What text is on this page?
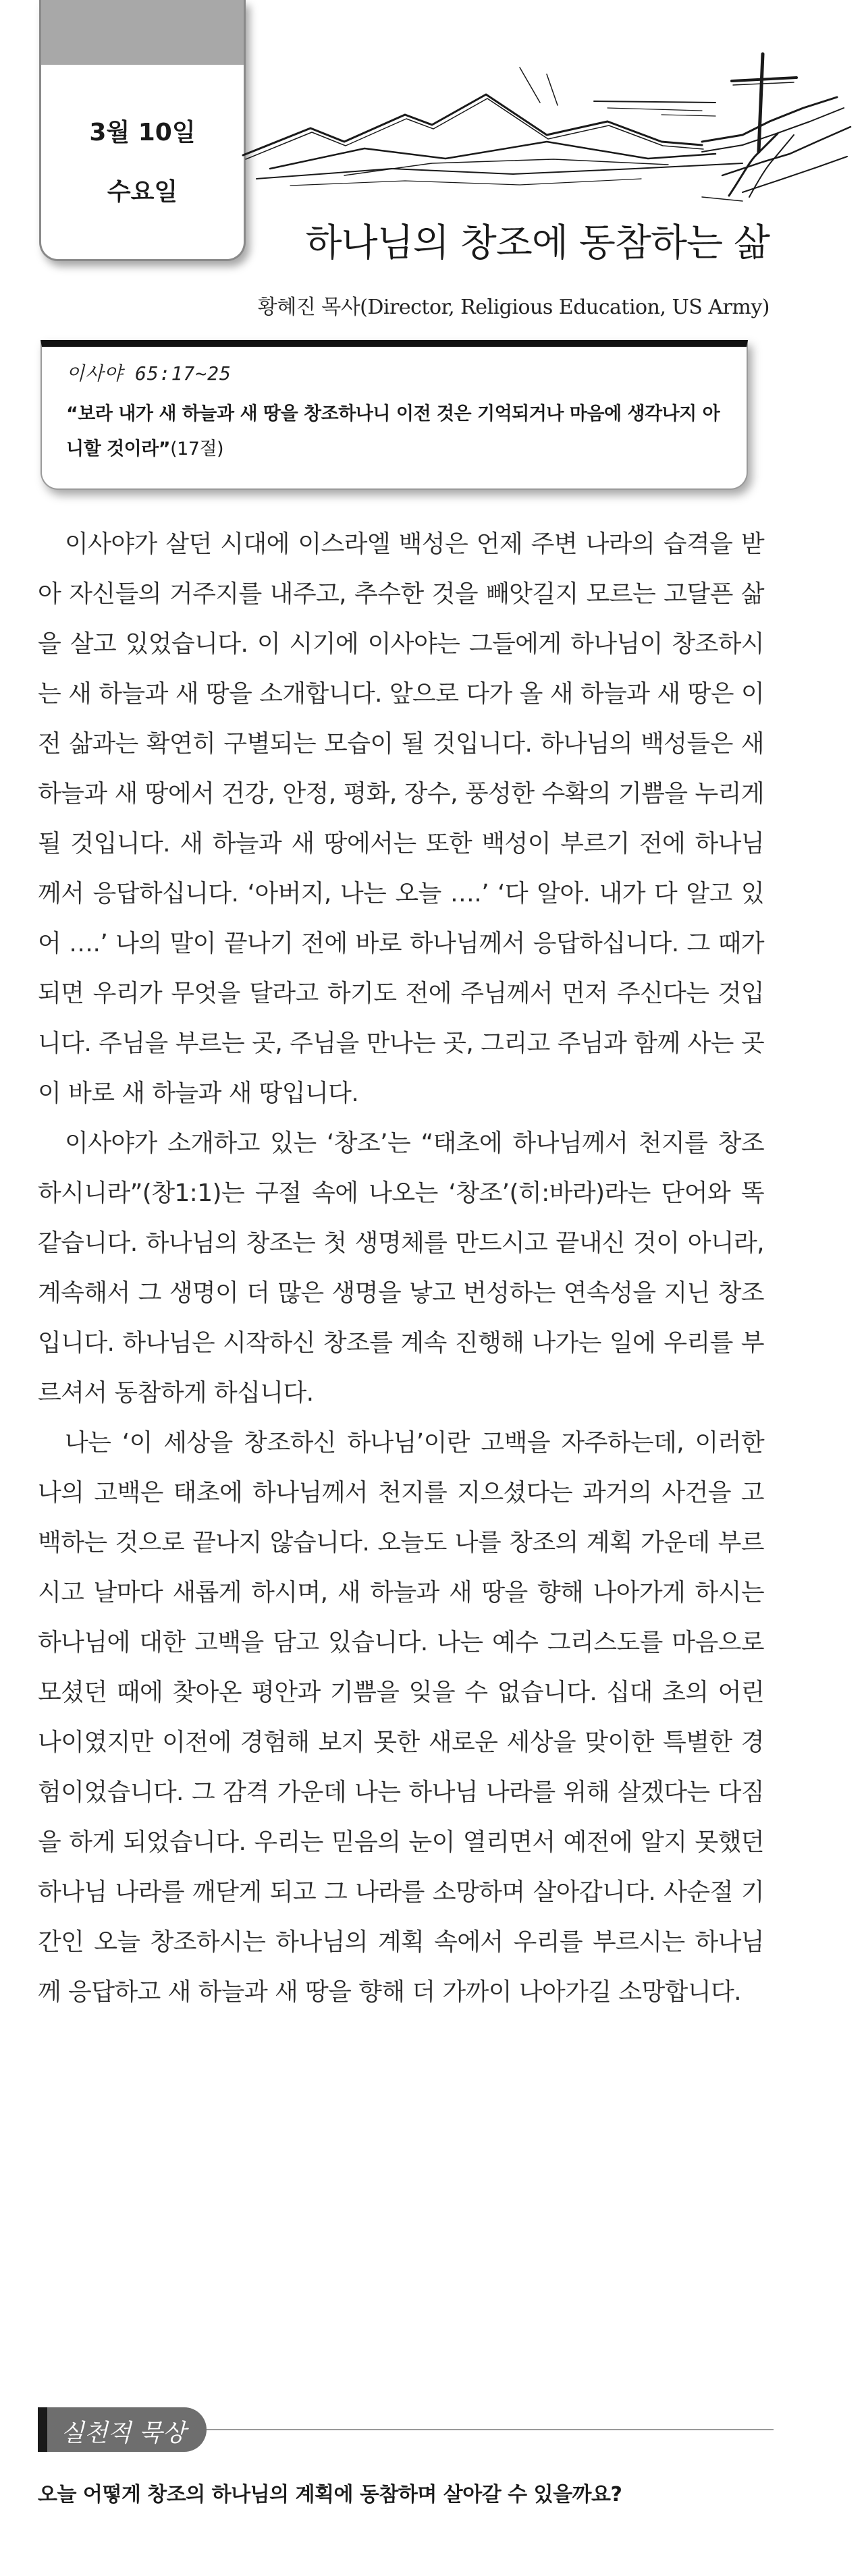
3월 10일
수요일
하나님의 창조에 동참하는 삶
황혜진 목사(Director, Religious Education, US Army)
이사야 65:17~25
“보라 내가 새 하늘과 새 땅을 창조하나니 이전 것은 기억되거나 마음에 생각나지 아니할 것이라”(17절)

이사야가 살던 시대에 이스라엘 백성은 언제 주변 나라의 습격을 받아 자신들의 거주지를 내주고, 추수한 것을 빼앗길지 모르는 고달픈 삶을 살고 있었습니다. 이 시기에 이사야는 그들에게 하나님이 창조하시는 새 하늘과 새 땅을 소개합니다. 앞으로 다가 올 새 하늘과 새 땅은 이전 삶과는 확연히 구별되는 모습이 될 것입니다. 하나님의 백성들은 새 하늘과 새 땅에서 건강, 안정, 평화, 장수, 풍성한 수확의 기쁨을 누리게 될 것입니다. 새 하늘과 새 땅에서는 또한 백성이 부르기 전에 하나님께서 응답하십니다. ‘아버지, 나는 오늘 ….’ ‘다 알아. 내가 다 알고 있어 ….’ 나의 말이 끝나기 전에 바로 하나님께서 응답하십니다. 그 때가 되면 우리가 무엇을 달라고 하기도 전에 주님께서 먼저 주신다는 것입니다. 주님을 부르는 곳, 주님을 만나는 곳, 그리고 주님과 함께 사는 곳이 바로 새 하늘과 새 땅입니다.

이사야가 소개하고 있는 ‘창조’는 “태초에 하나님께서 천지를 창조하시니라”(창1:1)는 구절 속에 나오는 ‘창조’(히:바라)라는 단어와 똑같습니다. 하나님의 창조는 첫 생명체를 만드시고 끝내신 것이 아니라, 계속해서 그 생명이 더 많은 생명을 낳고 번성하는 연속성을 지닌 창조입니다. 하나님은 시작하신 창조를 계속 진행해 나가는 일에 우리를 부르셔서 동참하게 하십니다.

나는 ‘이 세상을 창조하신 하나님’이란 고백을 자주하는데, 이러한 나의 고백은 태초에 하나님께서 천지를 지으셨다는 과거의 사건을 고백하는 것으로 끝나지 않습니다. 오늘도 나를 창조의 계획 가운데 부르시고 날마다 새롭게 하시며, 새 하늘과 새 땅을 향해 나아가게 하시는 하나님에 대한 고백을 담고 있습니다. 나는 예수 그리스도를 마음으로 모셨던 때에 찾아온 평안과 기쁨을 잊을 수 없습니다. 십대 초의 어린 나이였지만 이전에 경험해 보지 못한 새로운 세상을 맞이한 특별한 경험이었습니다. 그 감격 가운데 나는 하나님 나라를 위해 살겠다는 다짐을 하게 되었습니다. 우리는 믿음의 눈이 열리면서 예전에 알지 못했던 하나님 나라를 깨닫게 되고 그 나라를 소망하며 살아갑니다. 사순절 기간인 오늘 창조하시는 하나님의 계획 속에서 우리를 부르시는 하나님께 응답하고 새 하늘과 새 땅을 향해 더 가까이 나아가길 소망합니다.

실천적 묵상
오늘 어떻게 창조의 하나님의 계획에 동참하며 살아갈 수 있을까요?
